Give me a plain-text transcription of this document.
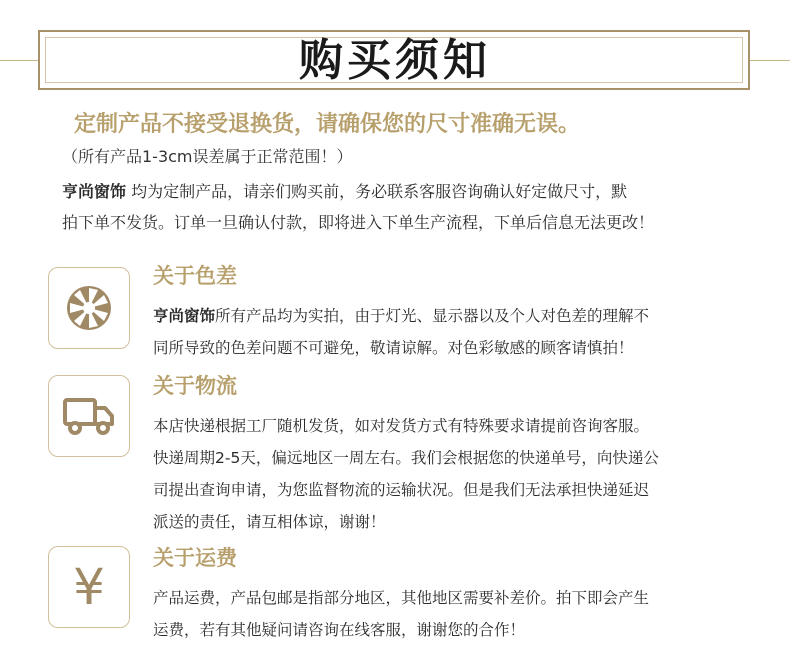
购买须知
定制产品不接受退换货，请确保您的尺寸准确无误。
（所有产品1-3cm误差属于正常范围！）

亨尚窗饰 均为定制产品，请亲们购买前，务必联系客服咨询确认好定做尺寸，默

拍下单不发货。订单一旦确认付款，即将进入下单生产流程，下单后信息无法更改！

关于色差

亨尚窗饰所有产品均为实拍，由于灯光、显示器以及个人对色差的理解不

同所导致的色差问题不可避免，敬请谅解。对色彩敏感的顾客请慎拍！

关于物流

本店快递根据工厂随机发货，如对发货方式有特殊要求请提前咨询客服。

快递周期2-5天，偏远地区一周左右。我们会根据您的快递单号，向快递公

司提出查询申请，为您监督物流的运输状况。但是我们无法承担快递延迟

派送的责任，请互相体谅，谢谢！

¥ 关于运费

产品运费，产品包邮是指部分地区，其他地区需要补差价。拍下即会产生

运费，若有其他疑问请咨询在线客服，谢谢您的合作！
